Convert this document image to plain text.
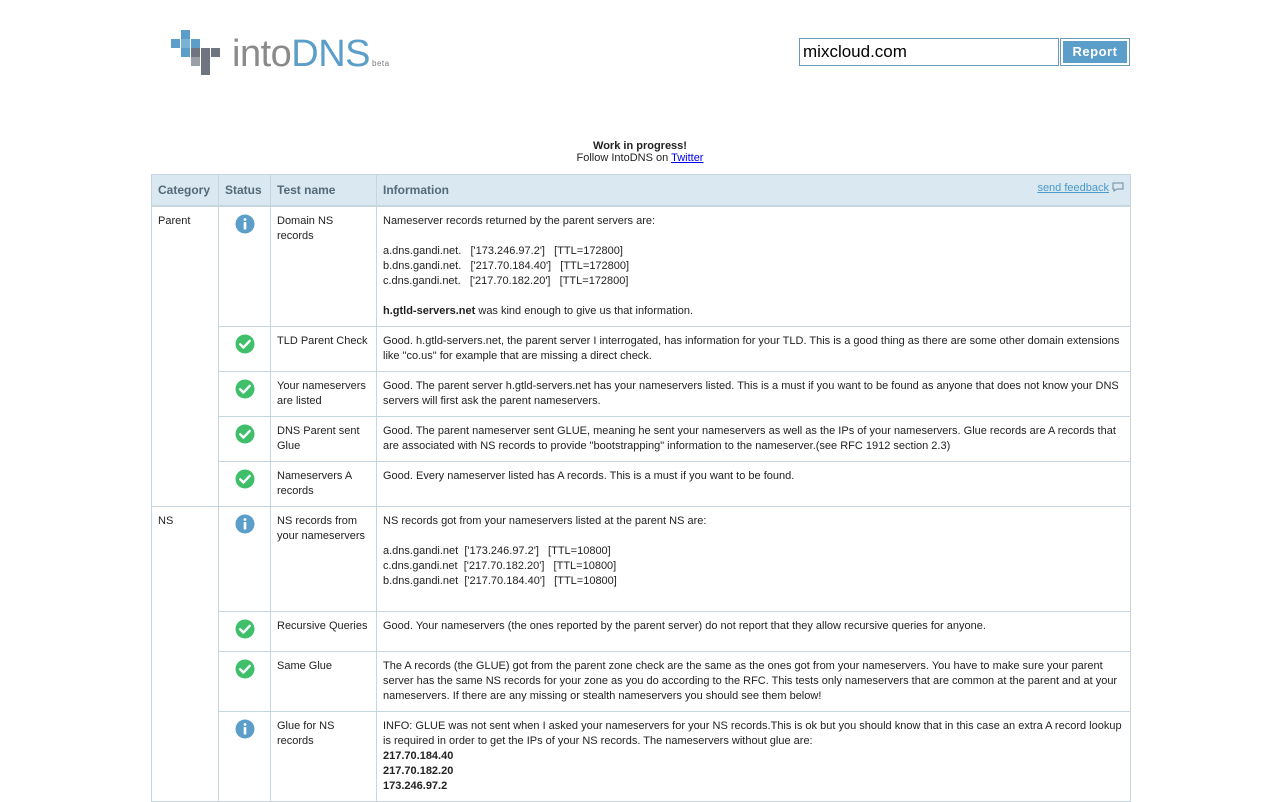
intoDNS beta
mixcloud.com
Report
Work in progress!
Follow IntoDNS on Twitter
Category	Status	Test name	Information send feedback

Parent		Domain NS records	Nameserver records returned by the parent servers are:
a.dns.gandi.net.   ['173.246.97.2']   [TTL=172800]
b.dns.gandi.net.   ['217.70.184.40']   [TTL=172800]
c.dns.gandi.net.   ['217.70.182.20']   [TTL=172800]
h.gtld-servers.net was kind enough to give us that information.

	TLD Parent Check	Good. h.gtld-servers.net, the parent server I interrogated, has information for your TLD. This is a good thing as there are some other domain extensions like "co.us" for example that are missing a direct check.
	Your nameservers are listed	Good. The parent server h.gtld-servers.net has your nameservers listed. This is a must if you want to be found as anyone that does not know your DNS servers will first ask the parent nameservers.
	DNS Parent sent Glue	Good. The parent nameserver sent GLUE, meaning he sent your nameservers as well as the IPs of your nameservers. Glue records are A records that are associated with NS records to provide "bootstrapping" information to the nameserver.(see RFC 1912 section 2.3)
	Nameservers A records	Good. Every nameserver listed has A records. This is a must if you want to be found.
NS		NS records from your nameservers	NS records got from your nameservers listed at the parent NS are:
a.dns.gandi.net  ['173.246.97.2']   [TTL=10800]
c.dns.gandi.net  ['217.70.182.20']   [TTL=10800]
b.dns.gandi.net  ['217.70.184.40']   [TTL=10800]

	Recursive Queries	Good. Your nameservers (the ones reported by the parent server) do not report that they allow recursive queries for anyone.
	Same Glue	The A records (the GLUE) got from the parent zone check are the same as the ones got from your nameservers. You have to make sure your parent server has the same NS records for your zone as you do according to the RFC. This tests only nameservers that are common at the parent and at your nameservers. If there are any missing or stealth nameservers you should see them below!
	Glue for NS records	INFO: GLUE was not sent when I asked your nameservers for your NS records.This is ok but you should know that in this case an extra A record lookup is required in order to get the IPs of your NS records. The nameservers without glue are:
217.70.184.40
217.70.182.20
173.246.97.2
